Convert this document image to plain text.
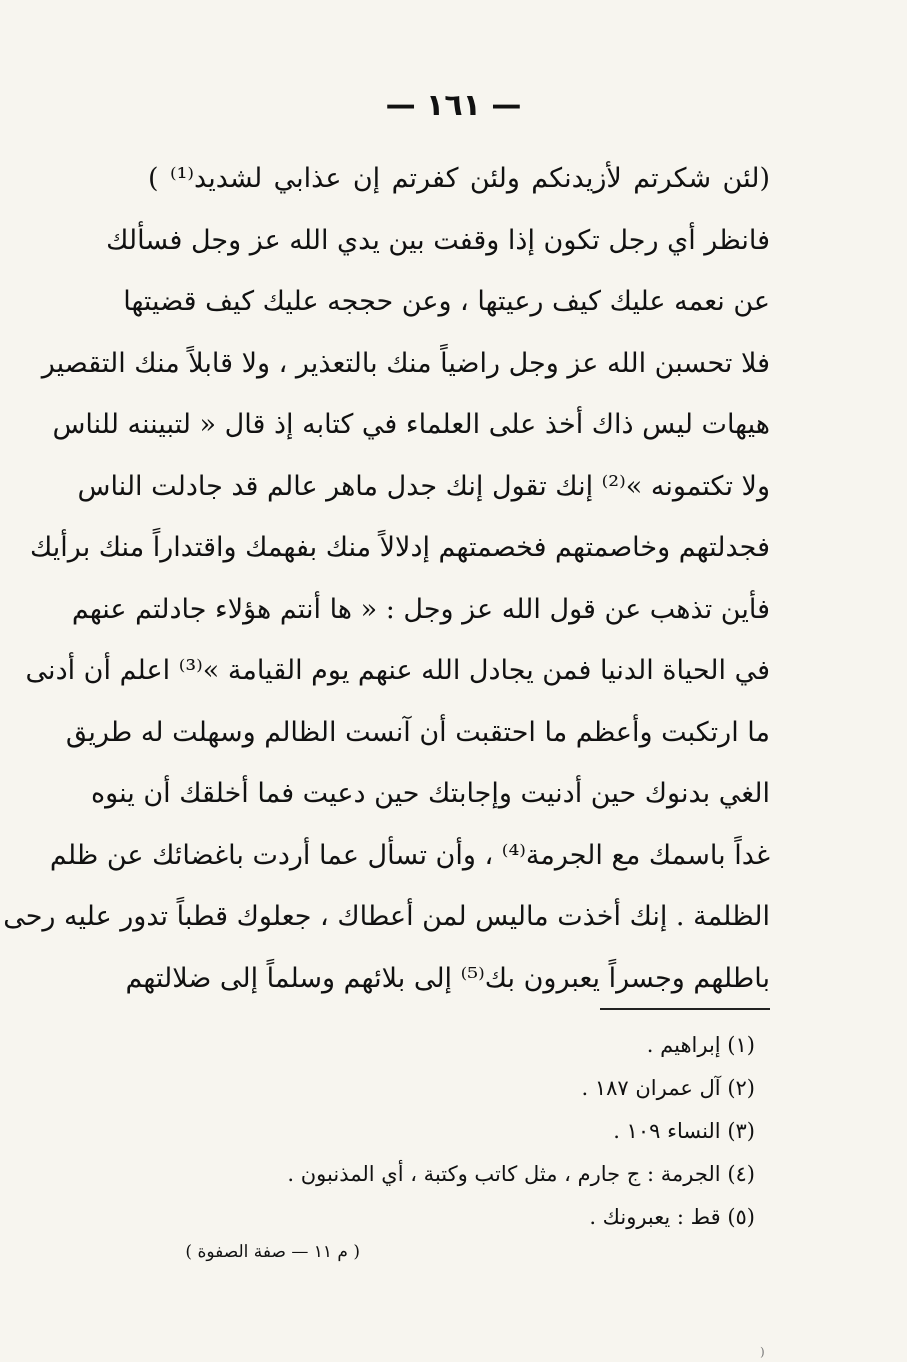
— ١٦١ —
(لئن شكرتم لأزيدنكم ولئن كفرتم إن عذابي لشديد⁽¹⁾ )
فانظر أي رجل تكون إذا وقفت بين يدي الله عز وجل فسألك
عن نعمه عليك كيف رعيتها ، وعن حججه عليك كيف قضيتها
فلا تحسبن الله عز وجل راضياً منك بالتعذير ، ولا قابلاً منك التقصير
هيهات ليس ذاك أخذ على العلماء في كتابه إذ قال « لتبيننه للناس
ولا تكتمونه »⁽²⁾ إنك تقول إنك جدل ماهر عالم قد جادلت الناس
فجدلتهم وخاصمتهم فخصمتهم إدلالاً منك بفهمك واقتداراً منك برأيك
فأين تذهب عن قول الله عز وجل : « ها أنتم هؤلاء جادلتم عنهم
في الحياة الدنيا فمن يجادل الله عنهم يوم القيامة »⁽³⁾ اعلم أن أدنى
ما ارتكبت وأعظم ما احتقبت أن آنست الظالم وسهلت له طريق
الغي بدنوك حين أدنيت وإجابتك حين دعيت فما أخلقك أن ينوه
غداً باسمك مع الجرمة⁽⁴⁾ ، وأن تسأل عما أردت باغضائك عن ظلم
الظلمة . إنك أخذت ماليس لمن أعطاك ، جعلوك قطباً تدور عليه رحى
باطلهم وجسراً يعبرون بك⁽⁵⁾ إلى بلائهم وسلماً إلى ضلالتهم
(١) إبراهيم .
(٢) آل عمران ١٨٧ .
(٣) النساء ١٠٩ .
(٤) الجرمة : ج جارم ، مثل كاتب وكتبة ، أي المذنبون .
(٥) قط : يعبرونك .
( م ١١ — صفة الصفوة )
)
